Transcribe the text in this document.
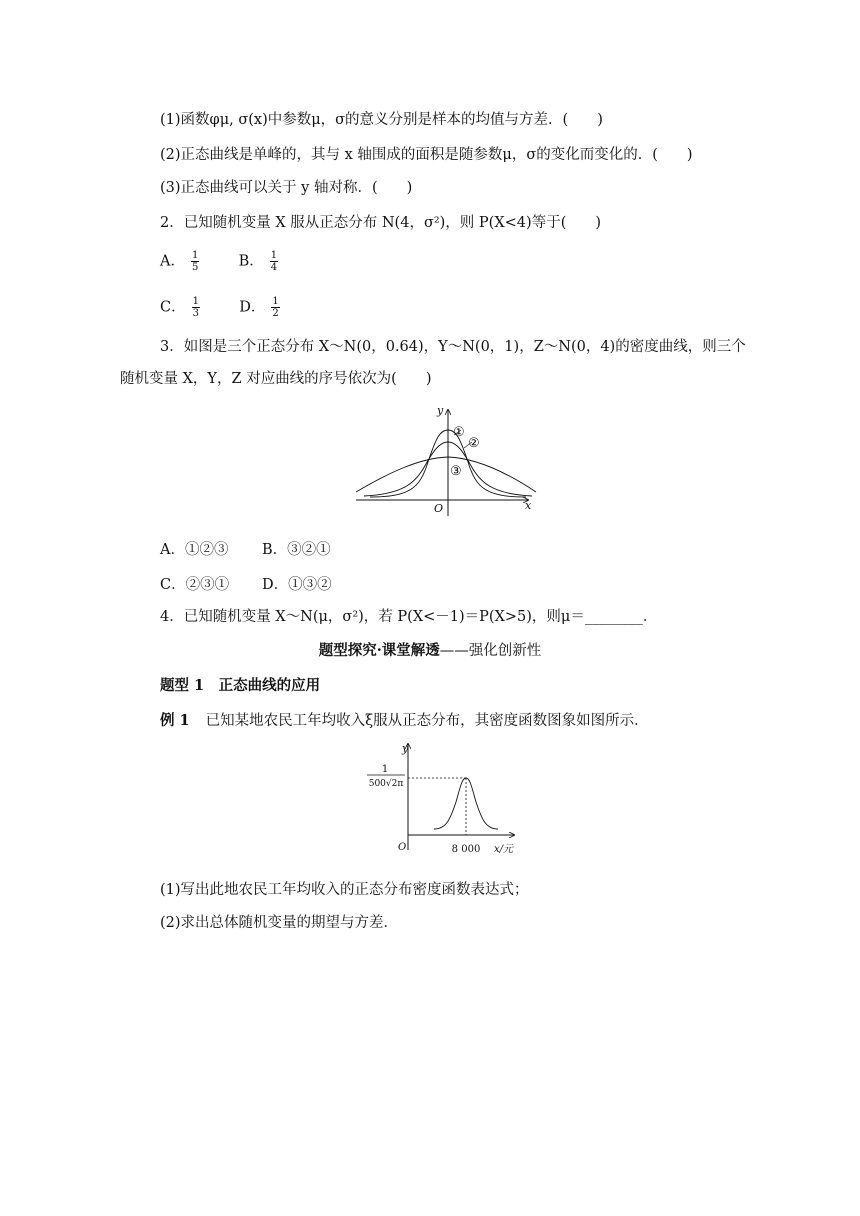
(1)函数φμ, σ(x)中参数μ，σ的意义分别是样本的均值与方差．(　　)
(2)正态曲线是单峰的，其与 x 轴围成的面积是随参数μ，σ的变化而变化的．(　　)
(3)正态曲线可以关于 y 轴对称．(　　)
2．已知随机变量 X 服从正态分布 N(4，σ²)，则 P(X<4)等于(　　)
A． $\frac{1}{5}$	B． $\frac{1}{4}$
C． $\frac{1}{3}$	D． $\frac{1}{2}$
3．如图是三个正态分布 X～N(0，0.64)，Y～N(0，1)，Z～N(0，4)的密度曲线，则三个
随机变量 X，Y，Z 对应曲线的序号依次为(　　)
y
x
O
①
②
③
A．①②③ B．③②①
C．②③① D．①③②
4．已知随机变量 X～N(μ，σ²)，若 P(X<－1)＝P(X>5)，则μ＝________．
题型探究·课堂解透——强化创新性
题型 1　正态曲线的应用
例 1 已知某地农民工年均收入ξ服从正态分布，其密度函数图象如图所示．
y
1
500√2π
O	8 000 x/元
(1)写出此地农民工年均收入的正态分布密度函数表达式；
(2)求出总体随机变量的期望与方差．
